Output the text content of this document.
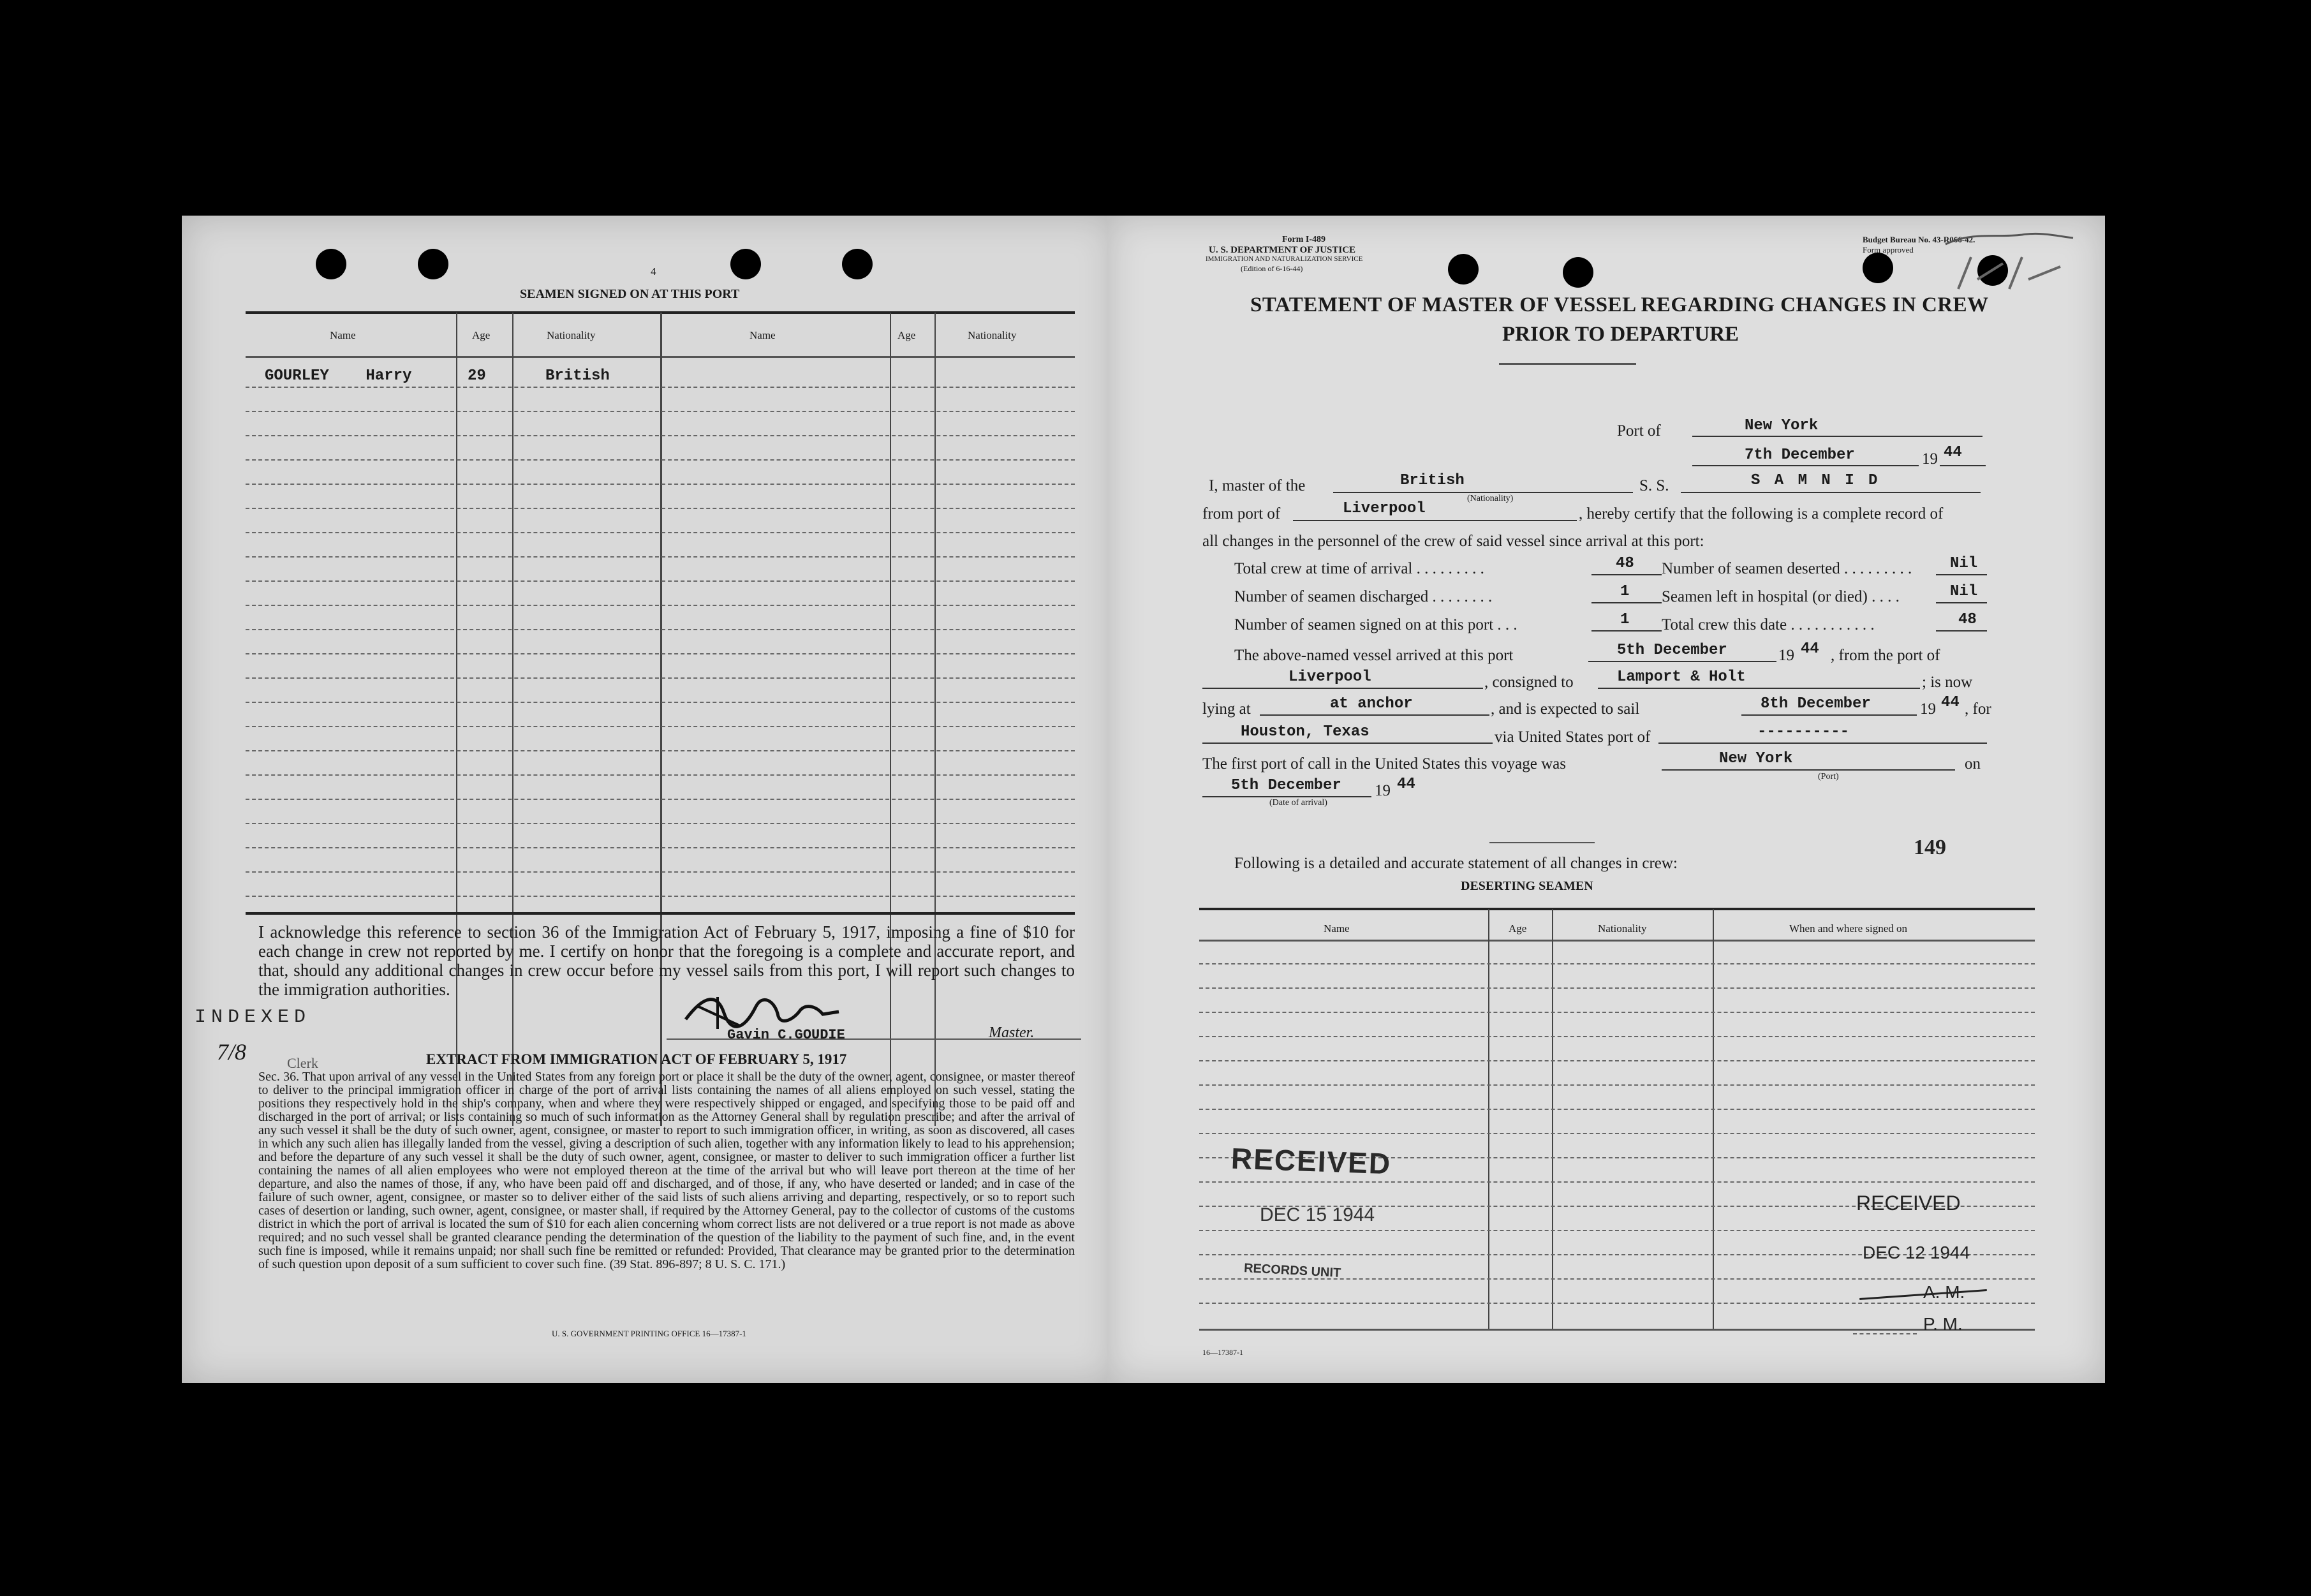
4
SEAMEN SIGNED ON AT THIS PORT
Name	Age	Nationality	Name	Age	Nationality
GOURLEY    Harry	29	British
I acknowledge this reference to section 36 of the Immigration Act of February 5, 1917, imposing a fine of $10 for each change in crew not reported by me. I certify on honor that the foregoing is a complete and accurate report, and that, should any additional changes in crew occur before my vessel sails from this port, I will report such changes to the immigration authorities.
INDEXED
7/8	Clerk
Gavin C.GOUDIE	Master.
EXTRACT FROM IMMIGRATION ACT OF FEBRUARY 5, 1917
Sec. 36. That upon arrival of any vessel in the United States from any foreign port or place it shall be the duty of the owner, agent, consignee, or master thereof to deliver to the principal immigration officer in charge of the port of arrival lists containing the names of all aliens employed on such vessel, stating the positions they respectively hold in the ship's company, when and where they were respectively shipped or engaged, and specifying those to be paid off and discharged in the port of arrival; or lists containing so much of such information as the Attorney General shall by regulation prescribe; and after the arrival of any such vessel it shall be the duty of such owner, agent, consignee, or master to report to such immigration officer, in writing, as soon as discovered, all cases in which any such alien has illegally landed from the vessel, giving a description of such alien, together with any information likely to lead to his apprehension; and before the departure of any such vessel it shall be the duty of such owner, agent, consignee, or master to deliver to such immigration officer a further list containing the names of all alien employees who were not employed thereon at the time of the arrival but who will leave port thereon at the time of her departure, and also the names of those, if any, who have been paid off and discharged, and of those, if any, who have deserted or landed; and in case of the failure of such owner, agent, consignee, or master so to deliver either of the said lists of such aliens arriving and departing, respectively, or so to report such cases of desertion or landing, such owner, agent, consignee, or master shall, if required by the Attorney General, pay to the collector of customs of the customs district in which the port of arrival is located the sum of $10 for each alien concerning whom correct lists are not delivered or a true report is not made as above required; and no such vessel shall be granted clearance pending the determination of the question of the liability to the payment of such fine, and, in the event such fine is imposed, while it remains unpaid; nor shall such fine be remitted or refunded: Provided, That clearance may be granted prior to the determination of such question upon deposit of a sum sufficient to cover such fine. (39 Stat. 896-897; 8 U. S. C. 171.)
U. S. GOVERNMENT PRINTING OFFICE 16—17387-1
Form I-489
U. S. DEPARTMENT OF JUSTICE
IMMIGRATION AND NATURALIZATION SERVICE
(Edition of 6-16-44)
Budget Bureau No. 43-R066-42.
Form approved
STATEMENT OF MASTER OF VESSEL REGARDING CHANGES IN CREW
PRIOR TO DEPARTURE
Port of	New York
7th December	19 44
I, master of the	British
(Nationality)
S. S.	S A M N I D
from port of	Liverpool	, hereby certify that the following is a complete record of
all changes in the personnel of the crew of said vessel since arrival at this port:
Total crew at time of arrival . . . . . . . . .	48
Number of seamen discharged . . . . . . . .	1
Number of seamen signed on at this port . . .	1
Number of seamen deserted . . . . . . . . . Nil
Seamen left in hospital (or died) . . . .	Nil
Total crew this date . . . . . . . . . . .	48
The above-named vessel arrived at this port	5th December	19 44 , from the port of
Liverpool	, consigned to	Lamport & Holt	; is now
lying at	at anchor	, and is expected to sail	8th December	19 44 , for
Houston, Texas	via United States port of	----------
The first port of call in the United States this voyage was	New York
(Port)
on
5th December
(Date of arrival)
19 44
149
Following is a detailed and accurate statement of all changes in crew:
DESERTING SEAMEN
Name	Age	Nationality	When and where signed on
RECEIVED
DEC 15 1944
RECORDS UNIT
RECEIVED
DEC 12 1944
A. M.
P. M.
16—17387-1
